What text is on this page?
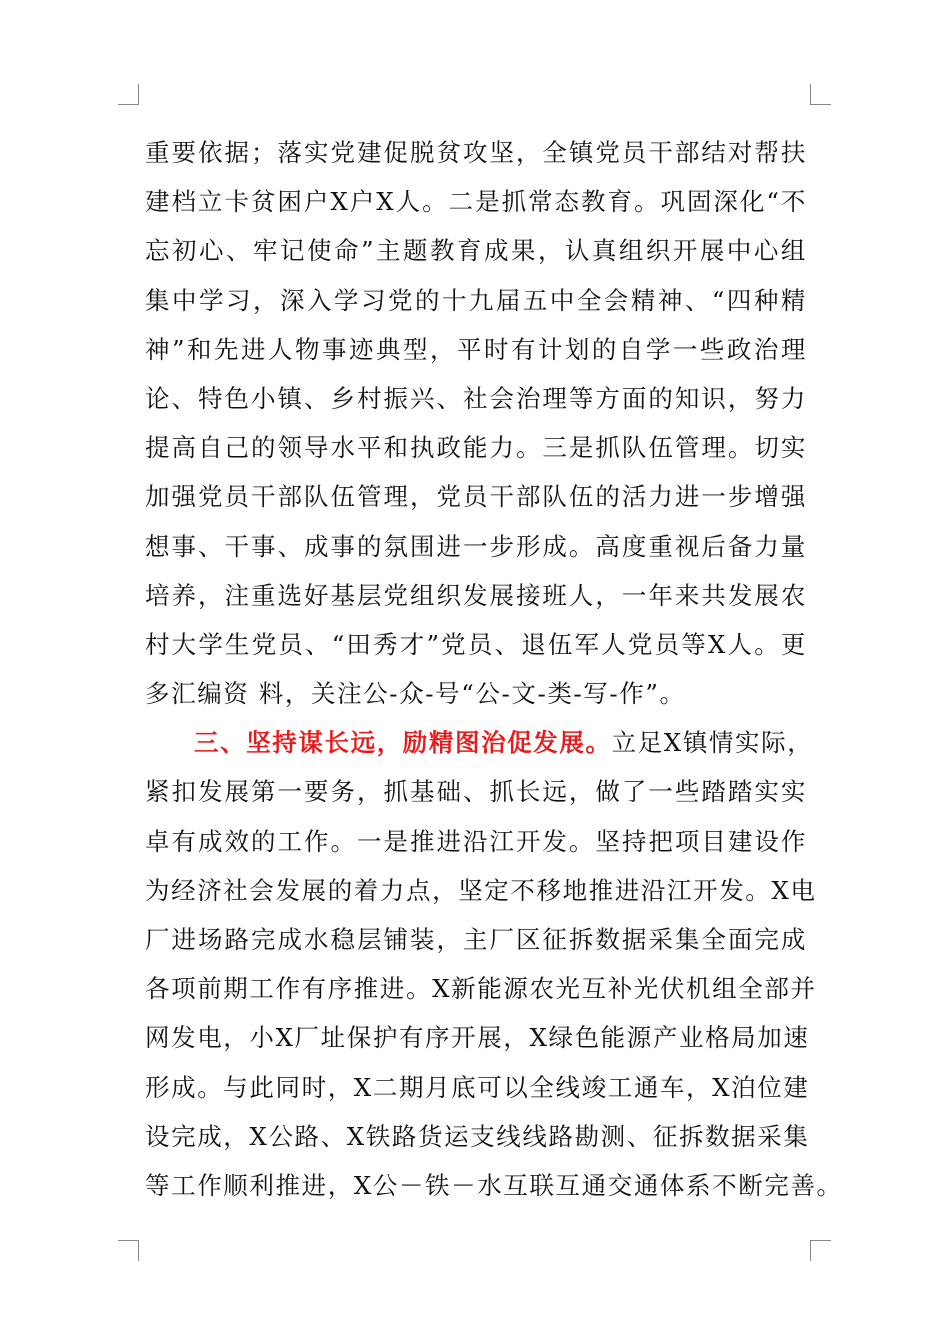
重要依据；落实党建促脱贫攻坚，全镇党员干部结对帮扶
建档立卡贫困户X户X人。二是抓常态教育。巩固深化“不
忘初心、牢记使命”主题教育成果，认真组织开展中心组
集中学习，深入学习党的十九届五中全会精神、“四种精
神”和先进人物事迹典型，平时有计划的自学一些政治理
论、特色小镇、乡村振兴、社会治理等方面的知识，努力
提高自己的领导水平和执政能力。三是抓队伍管理。切实
加强党员干部队伍管理，党员干部队伍的活力进一步增强
想事、干事、成事的氛围进一步形成。高度重视后备力量
培养，注重选好基层党组织发展接班人，一年来共发展农
村大学生党员、“田秀才”党员、退伍军人党员等X人。更
多汇编资 料，关注公-众-号“公-文-类-写-作”。
三、坚持谋长远，励精图治促发展。立足X镇情实际，
紧扣发展第一要务，抓基础、抓长远，做了一些踏踏实实
卓有成效的工作。一是推进沿江开发。坚持把项目建设作
为经济社会发展的着力点，坚定不移地推进沿江开发。X电
厂进场路完成水稳层铺装，主厂区征拆数据采集全面完成
各项前期工作有序推进。X新能源农光互补光伏机组全部并
网发电，小X厂址保护有序开展，X绿色能源产业格局加速
形成。与此同时，X二期月底可以全线竣工通车，X泊位建
设完成，X公路、X铁路货运支线线路勘测、征拆数据采集
等工作顺利推进，X公－铁－水互联互通交通体系不断完善。
